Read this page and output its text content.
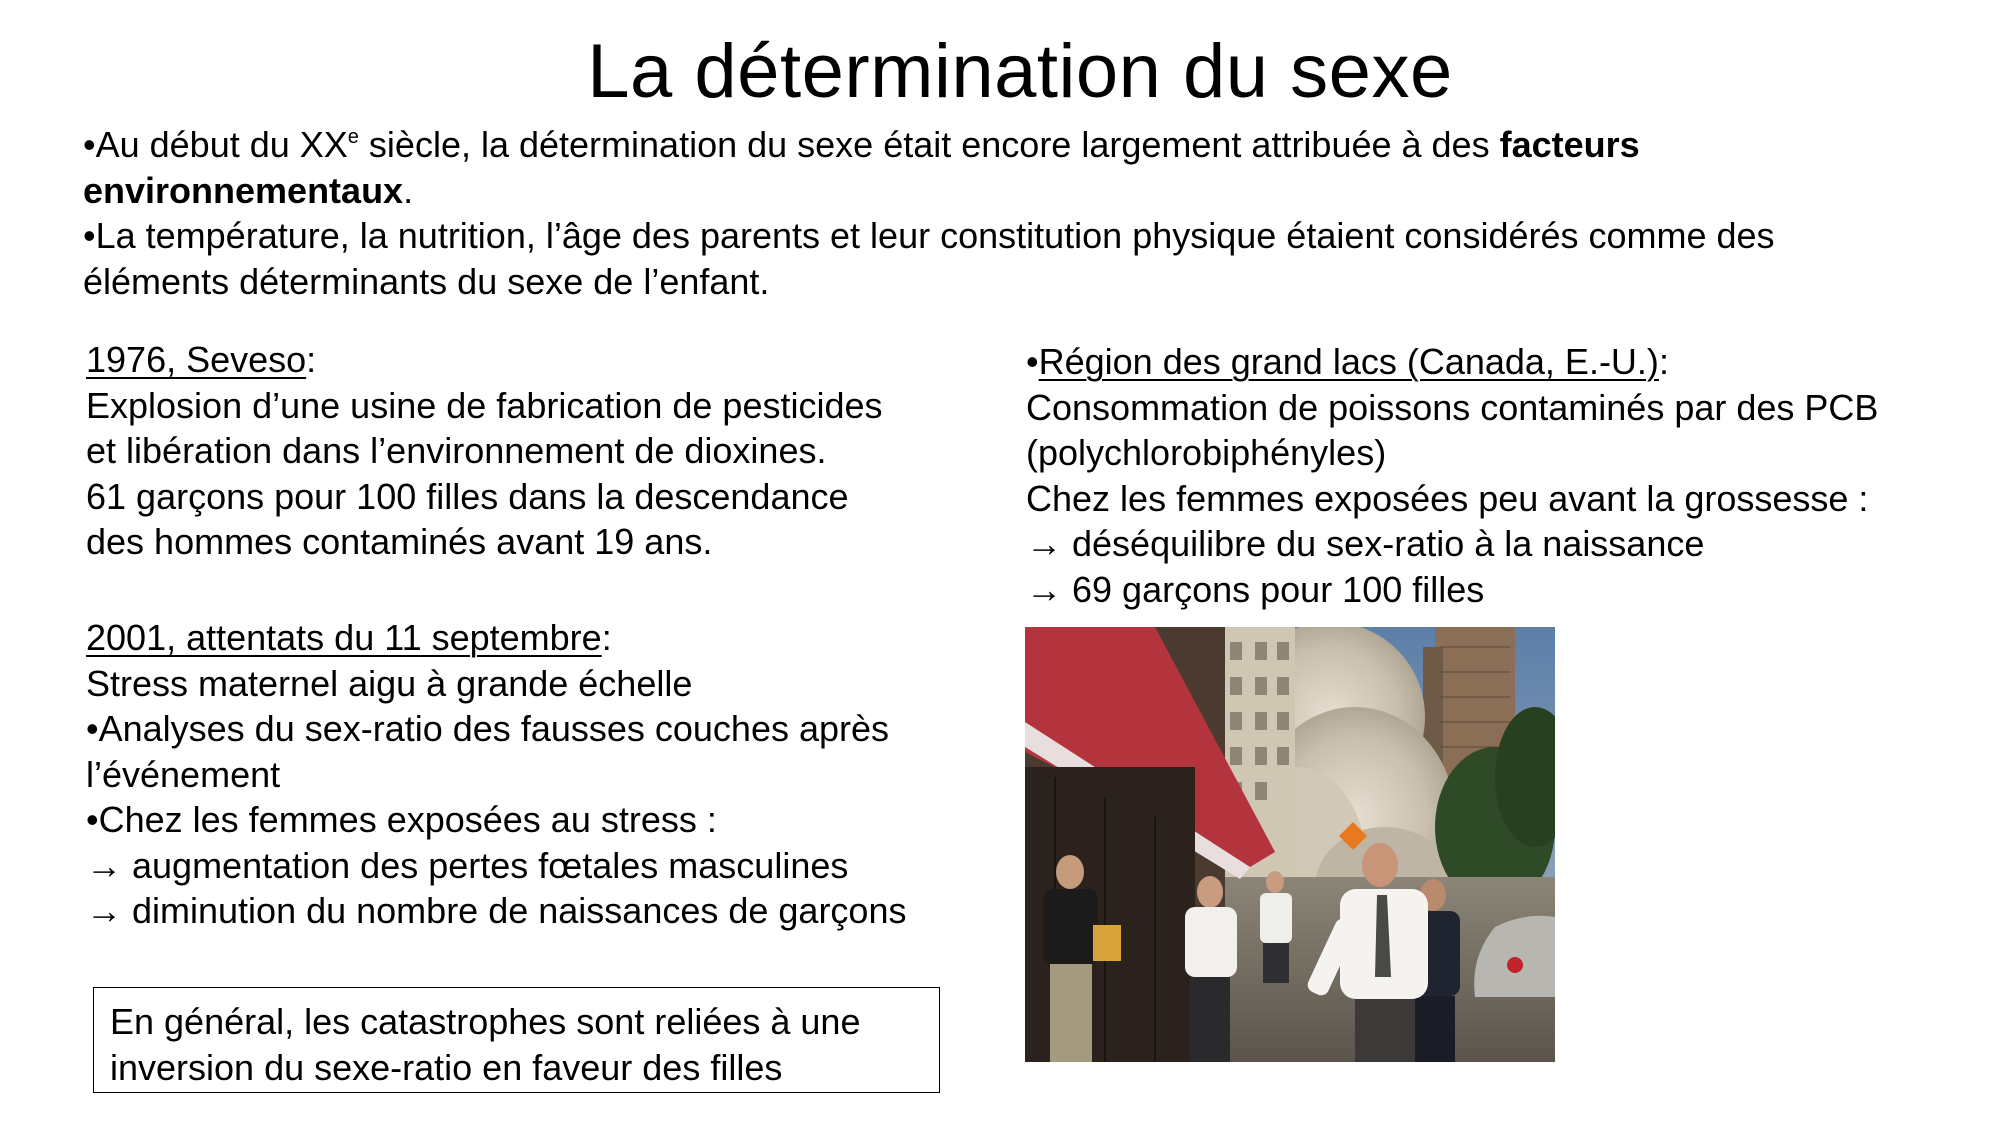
La détermination du sexe
•Au début du XXe siècle, la détermination du sexe était encore largement attribuée à des facteurs
environnementaux.
•La température, la nutrition, l’âge des parents et leur constitution physique étaient considérés comme des
éléments déterminants du sexe de l’enfant.
1976, Seveso:
Explosion d’une usine de fabrication de pesticides
et libération dans l’environnement de dioxines.
61 garçons pour 100 filles dans la descendance
des hommes contaminés avant 19 ans.
2001, attentats du 11 septembre:
Stress maternel aigu à grande échelle
•Analyses du sex-ratio des fausses couches après
l’événement
•Chez les femmes exposées au stress :
→ augmentation des pertes fœtales masculines
→ diminution du nombre de naissances de garçons
•Région des grand lacs (Canada, E.-U.):
Consommation de poissons contaminés par des PCB
(polychlorobiphényles)
Chez les femmes exposées peu avant la grossesse :
→ déséquilibre du sex-ratio à la naissance
→ 69 garçons pour 100 filles
En général, les catastrophes sont reliées à une
inversion du sexe-ratio en faveur des filles
